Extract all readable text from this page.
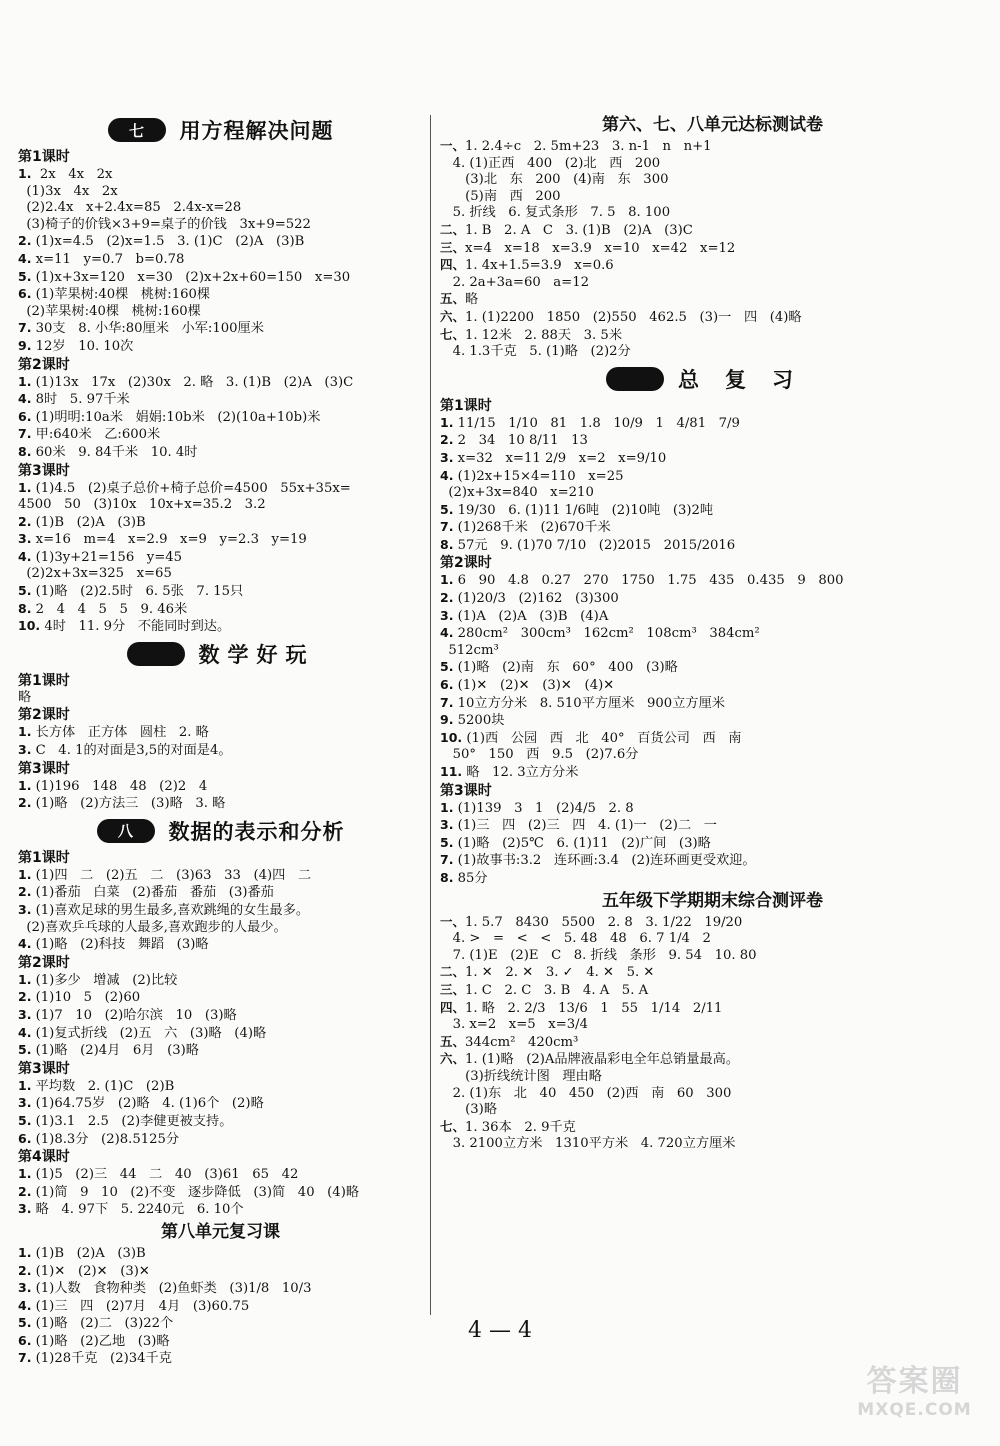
七	用方程解决问题
第1课时
1.  2x   4x   2x
(1)3x   4x   2x
(2)2.4x   x+2.4x=85   2.4x-x=28
(3)椅子的价钱×3+9=桌子的价钱   3x+9=522
2. (1)x=4.5   (2)x=1.5   3. (1)C   (2)A   (3)B
4. x=11   y=0.7   b=0.78
5. (1)x+3x=120   x=30   (2)x+2x+60=150   x=30
6. (1)苹果树:40棵   桃树:160棵
(2)苹果树:40棵   桃树:160棵
7. 30支   8. 小华:80厘米   小军:100厘米
9. 12岁   10. 10次
第2课时
1. (1)13x   17x   (2)30x   2. 略   3. (1)B   (2)A   (3)C
4. 8时   5. 97千米
6. (1)明明:10a米   娟娟:10b米   (2)(10a+10b)米
7. 甲:640米   乙:600米
8. 60米   9. 84千米   10. 4时
第3课时
1. (1)4.5   (2)桌子总价+椅子总价=4500   55x+35x=
4500   50   (3)10x   10x+x=35.2   3.2
2. (1)B   (2)A   (3)B
3. x=16   m=4   x=2.9   x=9   y=2.3   y=19
4. (1)3y+21=156   y=45
(2)2x+3x=325   x=65
5. (1)略   (2)2.5时   6. 5张   7. 15只
8. 2   4   4   5   5   9. 46米
10. 4时   11. 9分   不能同时到达。
数学好玩
第1课时
略
第2课时
1. 长方体   正方体   圆柱   2. 略
3. C   4. 1的对面是3,5的对面是4。
第3课时
1. (1)196   148   48   (2)2   4
2. (1)略   (2)方法三   (3)略   3. 略
八	数据的表示和分析
第1课时
1. (1)四   二   (2)五   二   (3)63   33   (4)四   二
2. (1)番茄   白菜   (2)番茄   番茄   (3)番茄
3. (1)喜欢足球的男生最多,喜欢跳绳的女生最多。
(2)喜欢乒乓球的人最多,喜欢跑步的人最少。
4. (1)略   (2)科技   舞蹈   (3)略
第2课时
1. (1)多少   增减   (2)比较
2. (1)10   5   (2)60
3. (1)7   10   (2)哈尔滨   10   (3)略
4. (1)复式折线   (2)五   六   (3)略   (4)略
5. (1)略   (2)4月   6月   (3)略
第3课时
1. 平均数   2. (1)C   (2)B
3. (1)64.75岁   (2)略   4. (1)6个   (2)略
5. (1)3.1   2.5   (2)李健更被支持。
6. (1)8.3分   (2)8.5125分
第4课时
1. (1)5   (2)三   44   二   40   (3)61   65   42
2. (1)简   9   10   (2)不变   逐步降低   (3)简   40   (4)略
3. 略   4. 97下   5. 2240元   6. 10个
第八单元复习课
1. (1)B   (2)A   (3)B
2. (1)✕   (2)✕   (3)✕
3. (1)人数   食物种类   (2)鱼虾类   (3)1/8   10/3
4. (1)三   四   (2)7月   4月   (3)60.75
5. (1)略   (2)二   (3)22个
6. (1)略   (2)乙地   (3)略
7. (1)28千克   (2)34千克
第六、七、八单元达标测试卷
一、1. 2.4÷c   2. 5m+23   3. n-1   n   n+1
4. (1)正西   400   (2)北   西   200
(3)北   东   200   (4)南   东   300
(5)南   西   200
5. 折线   6. 复式条形   7. 5   8. 100
二、1. B   2. A   C   3. (1)B   (2)A   (3)C
三、x=4   x=18   x=3.9   x=10   x=42   x=12
四、1. 4x+1.5=3.9   x=0.6
2. 2a+3a=60   a=12
五、略
六、1. (1)2200   1850   (2)550   462.5   (3)一   四   (4)略
七、1. 12米   2. 88天   3. 5米
4. 1.3千克   5. (1)略   (2)2分
总复习
第1课时
1. 11/15   1/10   81   1.8   10/9   1   4/81   7/9
2. 2   34   10 8/11   13
3. x=32   x=11 2/9   x=2   x=9/10
4. (1)2x+15×4=110   x=25
(2)x+3x=840   x=210
5. 19/30   6. (1)11 1/6吨   (2)10吨   (3)2吨
7. (1)268千米   (2)670千米
8. 57元   9. (1)70 7/10   (2)2015   2015/2016
第2课时
1. 6   90   4.8   0.27   270   1750   1.75   435   0.435   9   800
2. (1)20/3   (2)162   (3)300
3. (1)A   (2)A   (3)B   (4)A
4. 280cm²   300cm³   162cm²   108cm³   384cm²
512cm³
5. (1)略   (2)南   东   60°   400   (3)略
6. (1)✕   (2)✕   (3)✕   (4)✕
7. 10立方分米   8. 510平方厘米   900立方厘米
9. 5200块
10. (1)西   公园   西   北   40°   百货公司   西   南
50°   150   西   9.5   (2)7.6分
11. 略   12. 3立方分米
第3课时
1. (1)139   3   1   (2)4/5   2. 8
3. (1)三   四   (2)三   四   4. (1)一   (2)二   一
5. (1)略   (2)5℃   6. (1)11   (2)广间   (3)略
7. (1)故事书:3.2   连环画:3.4   (2)连环画更受欢迎。
8. 85分
五年级下学期期末综合测评卷
一、1. 5.7   8430   5500   2. 8   3. 1/22   19/20
4. >   =   <   <   5. 48   48   6. 7 1/4   2
7. (1)E   (2)E   C   8. 折线   条形   9. 54   10. 80
二、1. ✕   2. ✕   3. ✓   4. ✕   5. ✕
三、1. C   2. C   3. B   4. A   5. A
四、1. 略   2. 2/3   13/6   1   55   1/14   2/11
3. x=2   x=5   x=3/4
五、344cm²   420cm³
六、1. (1)略   (2)A品牌液晶彩电全年总销量最高。
(3)折线统计图   理由略
2. (1)东   北   40   450   (2)西   南   60   300
(3)略
七、1. 36本   2. 9千克
3. 2100立方米   1310平方米   4. 720立方厘米
4 — 4
答案圈
MXQE.COM
